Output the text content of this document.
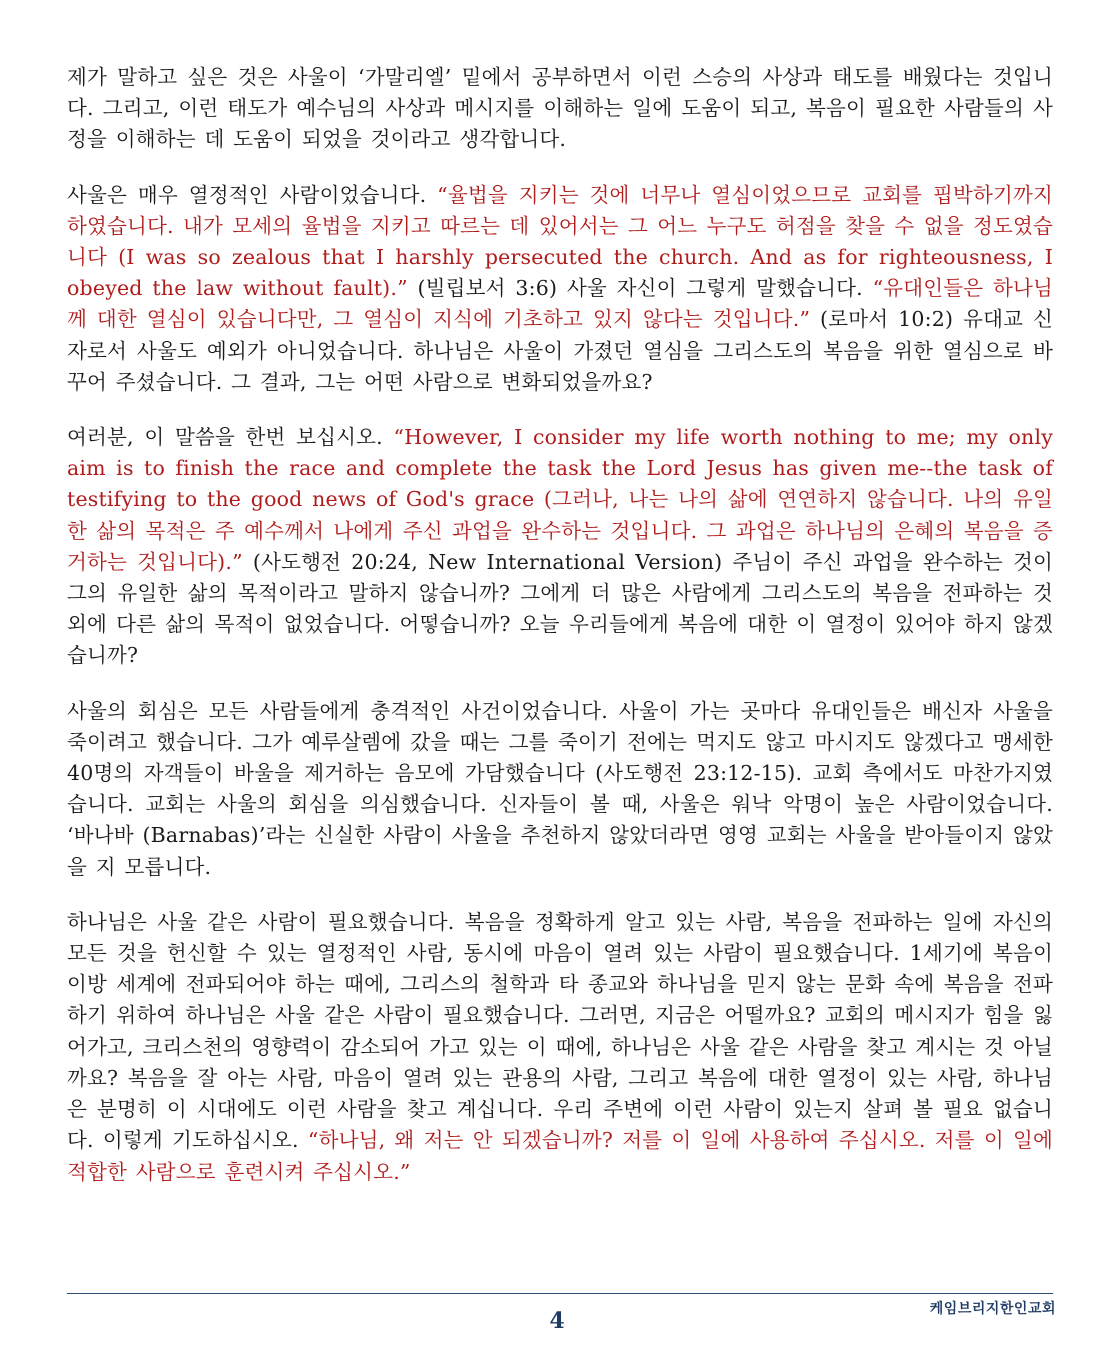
제가 말하고 싶은 것은 사울이 ‘가말리엘’ 밑에서 공부하면서 이런 스승의 사상과 태도를 배웠다는 것입니다. 그리고, 이런 태도가 예수님의 사상과 메시지를 이해하는 일에 도움이 되고, 복음이 필요한 사람들의 사정을 이해하는 데 도움이 되었을 것이라고 생각합니다.

사울은 매우 열정적인 사람이었습니다. “율법을 지키는 것에 너무나 열심이었으므로 교회를 핍박하기까지 하였습니다. 내가 모세의 율법을 지키고 따르는 데 있어서는 그 어느 누구도 허점을 찾을 수 없을 정도였습니다 (I was so zealous that I harshly persecuted the church. And as for righteousness, I obeyed the law without fault).” (빌립보서 3:6) 사울 자신이 그렇게 말했습니다. “유대인들은 하나님께 대한 열심이 있습니다만, 그 열심이 지식에 기초하고 있지 않다는 것입니다.” (로마서 10:2) 유대교 신자로서 사울도 예외가 아니었습니다. 하나님은 사울이 가졌던 열심을 그리스도의 복음을 위한 열심으로 바꾸어 주셨습니다. 그 결과, 그는 어떤 사람으로 변화되었을까요?

여러분, 이 말씀을 한번 보십시오. “However, I consider my life worth nothing to me; my only aim is to finish the race and complete the task the Lord Jesus has given me--the task of testifying to the good news of God's grace (그러나, 나는 나의 삶에 연연하지 않습니다. 나의 유일한 삶의 목적은 주 예수께서 나에게 주신 과업을 완수하는 것입니다. 그 과업은 하나님의 은혜의 복음을 증거하는 것입니다).” (사도행전 20:24, New International Version) 주님이 주신 과업을 완수하는 것이 그의 유일한 삶의 목적이라고 말하지 않습니까? 그에게 더 많은 사람에게 그리스도의 복음을 전파하는 것 외에 다른 삶의 목적이 없었습니다. 어떻습니까? 오늘 우리들에게 복음에 대한 이 열정이 있어야 하지 않겠습니까?

사울의 회심은 모든 사람들에게 충격적인 사건이었습니다. 사울이 가는 곳마다 유대인들은 배신자 사울을 죽이려고 했습니다. 그가 예루살렘에 갔을 때는 그를 죽이기 전에는 먹지도 않고 마시지도 않겠다고 맹세한 40명의 자객들이 바울을 제거하는 음모에 가담했습니다 (사도행전 23:12-15). 교회 측에서도 마찬가지였습니다. 교회는 사울의 회심을 의심했습니다. 신자들이 볼 때, 사울은 워낙 악명이 높은 사람이었습니다. ‘바나바 (Barnabas)’라는 신실한 사람이 사울을 추천하지 않았더라면 영영 교회는 사울을 받아들이지 않았을 지 모릅니다.

하나님은 사울 같은 사람이 필요했습니다. 복음을 정확하게 알고 있는 사람, 복음을 전파하는 일에 자신의 모든 것을 헌신할 수 있는 열정적인 사람, 동시에 마음이 열려 있는 사람이 필요했습니다. 1세기에 복음이 이방 세계에 전파되어야 하는 때에, 그리스의 철학과 타 종교와 하나님을 믿지 않는 문화 속에 복음을 전파하기 위하여 하나님은 사울 같은 사람이 필요했습니다. 그러면, 지금은 어떨까요? 교회의 메시지가 힘을 잃어가고, 크리스천의 영향력이 감소되어 가고 있는 이 때에, 하나님은 사울 같은 사람을 찾고 계시는 것 아닐까요? 복음을 잘 아는 사람, 마음이 열려 있는 관용의 사람, 그리고 복음에 대한 열정이 있는 사람, 하나님은 분명히 이 시대에도 이런 사람을 찾고 계십니다. 우리 주변에 이런 사람이 있는지 살펴 볼 필요 없습니다. 이렇게 기도하십시오. “하나님, 왜 저는 안 되겠습니까? 저를 이 일에 사용하여 주십시오. 저를 이 일에 적합한 사람으로 훈련시켜 주십시오.”

케임브리지한인교회
4
